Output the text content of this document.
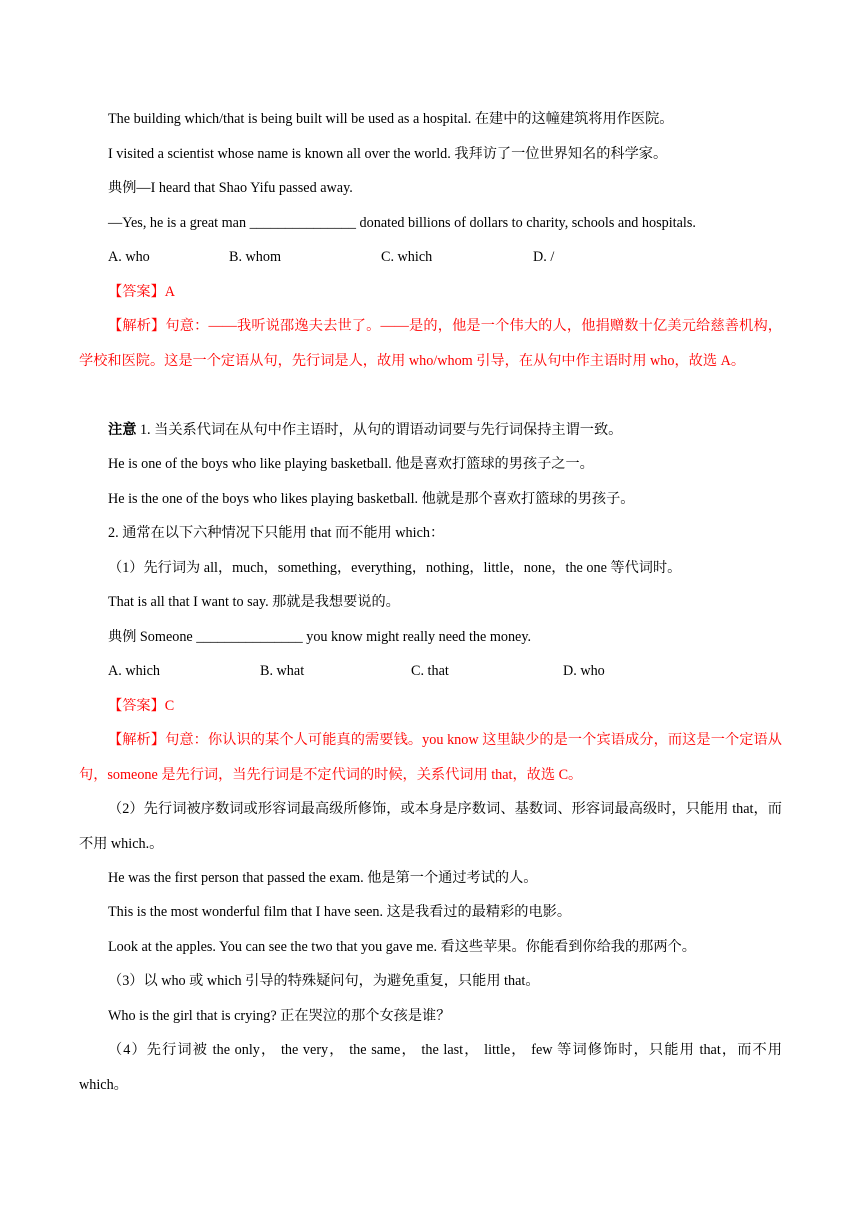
The building which/that is being built will be used as a hospital. 在建中的这幢建筑将用作医院。
I visited a scientist whose name is known all over the world. 我拜访了一位世界知名的科学家。
典例—I heard that Shao Yifu passed away.
—Yes, he is a great man _______________ donated billions of dollars to charity, schools and hospitals.
A. who	B. whom	C. which	D. /
【答案】A
【解析】句意：——我听说邵逸夫去世了。——是的，他是一个伟大的人，他捐赠数十亿美元给慈善机构，学校和医院。这是一个定语从句，先行词是人，故用 who/whom 引导，在从句中作主语时用 who，故选 A。
注意 1. 当关系代词在从句中作主语时，从句的谓语动词要与先行词保持主谓一致。
He is one of the boys who like playing basketball. 他是喜欢打篮球的男孩子之一。
He is the one of the boys who likes playing basketball. 他就是那个喜欢打篮球的男孩子。
2. 通常在以下六种情况下只能用 that 而不能用 which：
（1）先行词为 all，much，something，everything，nothing，little，none，the one 等代词时。
That is all that I want to say. 那就是我想要说的。
典例 Someone _______________ you know might really need the money.
A. which	B. what	C. that	D. who
【答案】C
【解析】句意：你认识的某个人可能真的需要钱。you know 这里缺少的是一个宾语成分，而这是一个定语从句，someone 是先行词，当先行词是不定代词的时候，关系代词用 that，故选 C。
（2）先行词被序数词或形容词最高级所修饰，或本身是序数词、基数词、形容词最高级时，只能用 that，而不用 which.。
He was the first person that passed the exam. 他是第一个通过考试的人。
This is the most wonderful film that I have seen. 这是我看过的最精彩的电影。
Look at the apples. You can see the two that you gave me. 看这些苹果。你能看到你给我的那两个。
（3）以 who 或 which 引导的特殊疑问句，为避免重复，只能用 that。
Who is the girl that is crying? 正在哭泣的那个女孩是谁？
（4）先行词被 the only， the very， the same， the last， little， few 等词修饰时，只能用 that，而不用 which。
